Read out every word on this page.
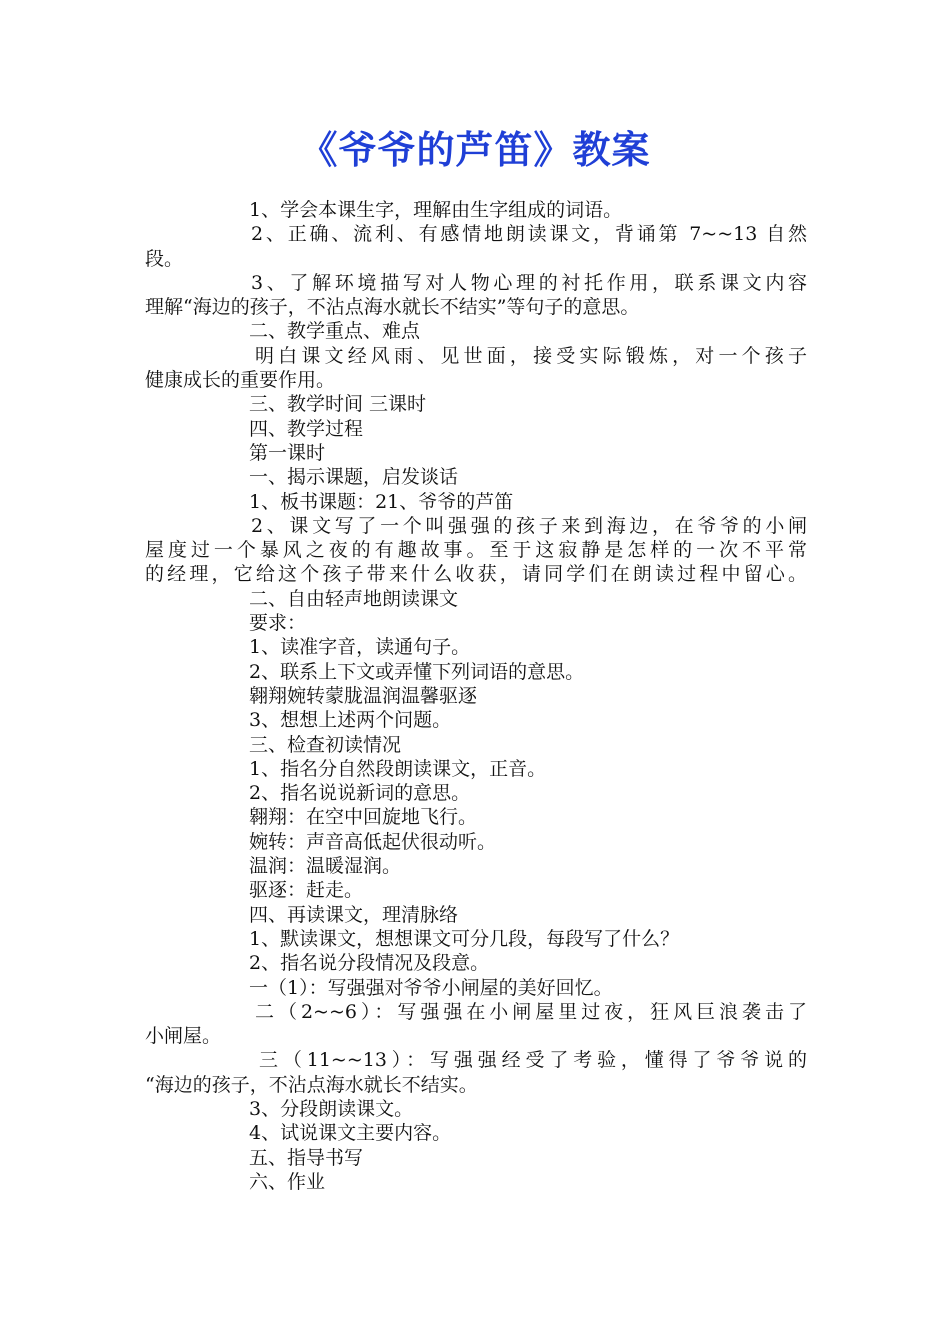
《爷爷的芦笛》教案
1、学会本课生字，理解由生字组成的词语。
2、正确、流利、有感情地朗读课文，背诵第 7~~13 自然
段。
3、了解环境描写对人物心理的衬托作用，联系课文内容
理解“海边的孩子，不沾点海水就长不结实”等句子的意思。
二、教学重点、难点
明白课文经风雨、见世面，接受实际锻炼，对一个孩子
健康成长的重要作用。
三、教学时间 三课时
四、教学过程
第一课时
一、揭示课题，启发谈话
1、板书课题：21、爷爷的芦笛
2、课文写了一个叫强强的孩子来到海边，在爷爷的小闸
屋度过一个暴风之夜的有趣故事。至于这寂静是怎样的一次不平常
的经理，它给这个孩子带来什么收获，请同学们在朗读过程中留心。
二、自由轻声地朗读课文
要求：
1、读准字音，读通句子。
2、联系上下文或弄懂下列词语的意思。
翱翔婉转蒙胧温润温馨驱逐
3、想想上述两个问题。
三、检查初读情况
1、指名分自然段朗读课文，正音。
2、指名说说新词的意思。
翱翔：在空中回旋地飞行。
婉转：声音高低起伏很动听。
温润：温暖湿润。
驱逐：赶走。
四、再读课文，理清脉络
1、默读课文，想想课文可分几段，每段写了什么？
2、指名说分段情况及段意。
一（1）：写强强对爷爷小闸屋的美好回忆。
二（2~~6）：写强强在小闸屋里过夜，狂风巨浪袭击了
小闸屋。
三（11~~13）：写强强经受了考验，懂得了爷爷说的
“海边的孩子，不沾点海水就长不结实。
3、分段朗读课文。
4、试说课文主要内容。
五、指导书写
六、作业
